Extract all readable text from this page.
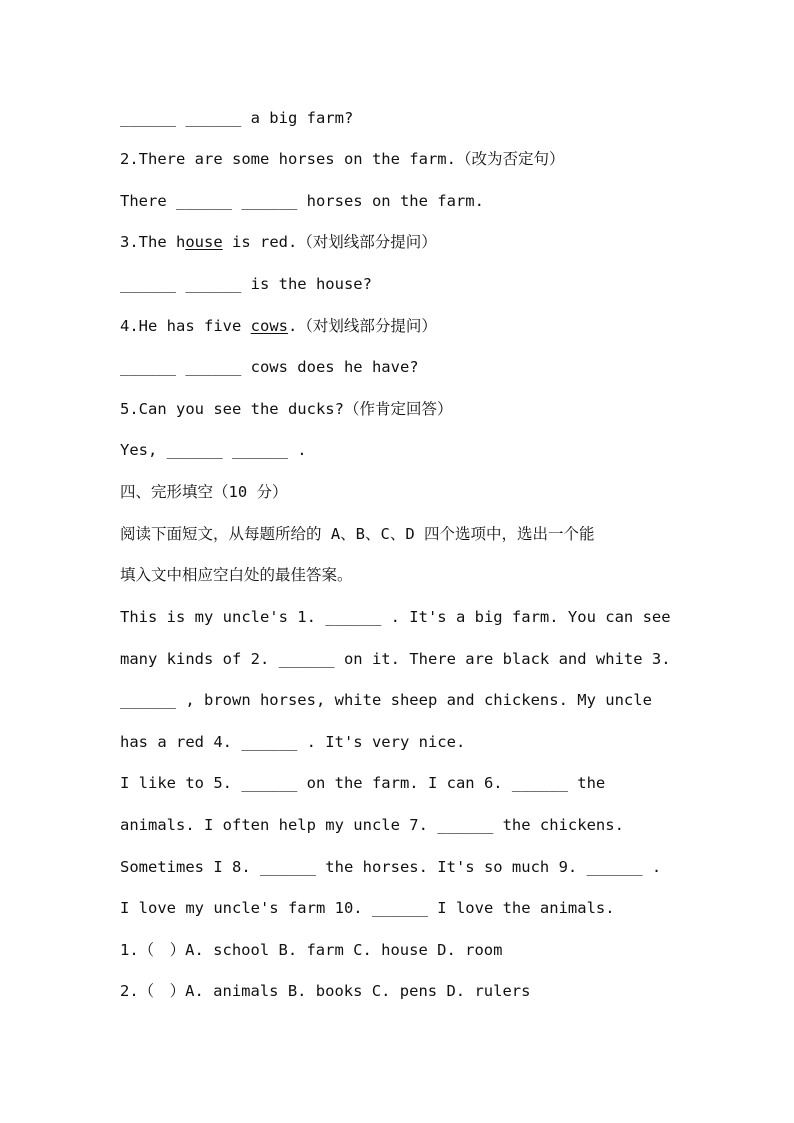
______ ______ a big farm?
2.There are some horses on the farm.（改为否定句）
There ______ ______ horses on the farm.
3.The house is red.（对划线部分提问）
______ ______ is the house?
4.He has five cows.（对划线部分提问）
______ ______ cows does he have?
5.Can you see the ducks?（作肯定回答）
Yes, ______ ______ .
四、完形填空（10 分）
阅读下面短文，从每题所给的 A、B、C、D 四个选项中，选出一个能
填入文中相应空白处的最佳答案。
This is my uncle's 1. ______ . It's a big farm. You can see
many kinds of 2. ______ on it. There are black and white 3.
______ , brown horses, white sheep and chickens. My uncle
has a red 4. ______ . It's very nice.
I like to 5. ______ on the farm. I can 6. ______ the
animals. I often help my uncle 7. ______ the chickens.
Sometimes I 8. ______ the horses. It's so much 9. ______ .
I love my uncle's farm 10. ______ I love the animals.
1.（　）A. school B. farm C. house D. room
2.（　）A. animals B. books C. pens D. rulers
